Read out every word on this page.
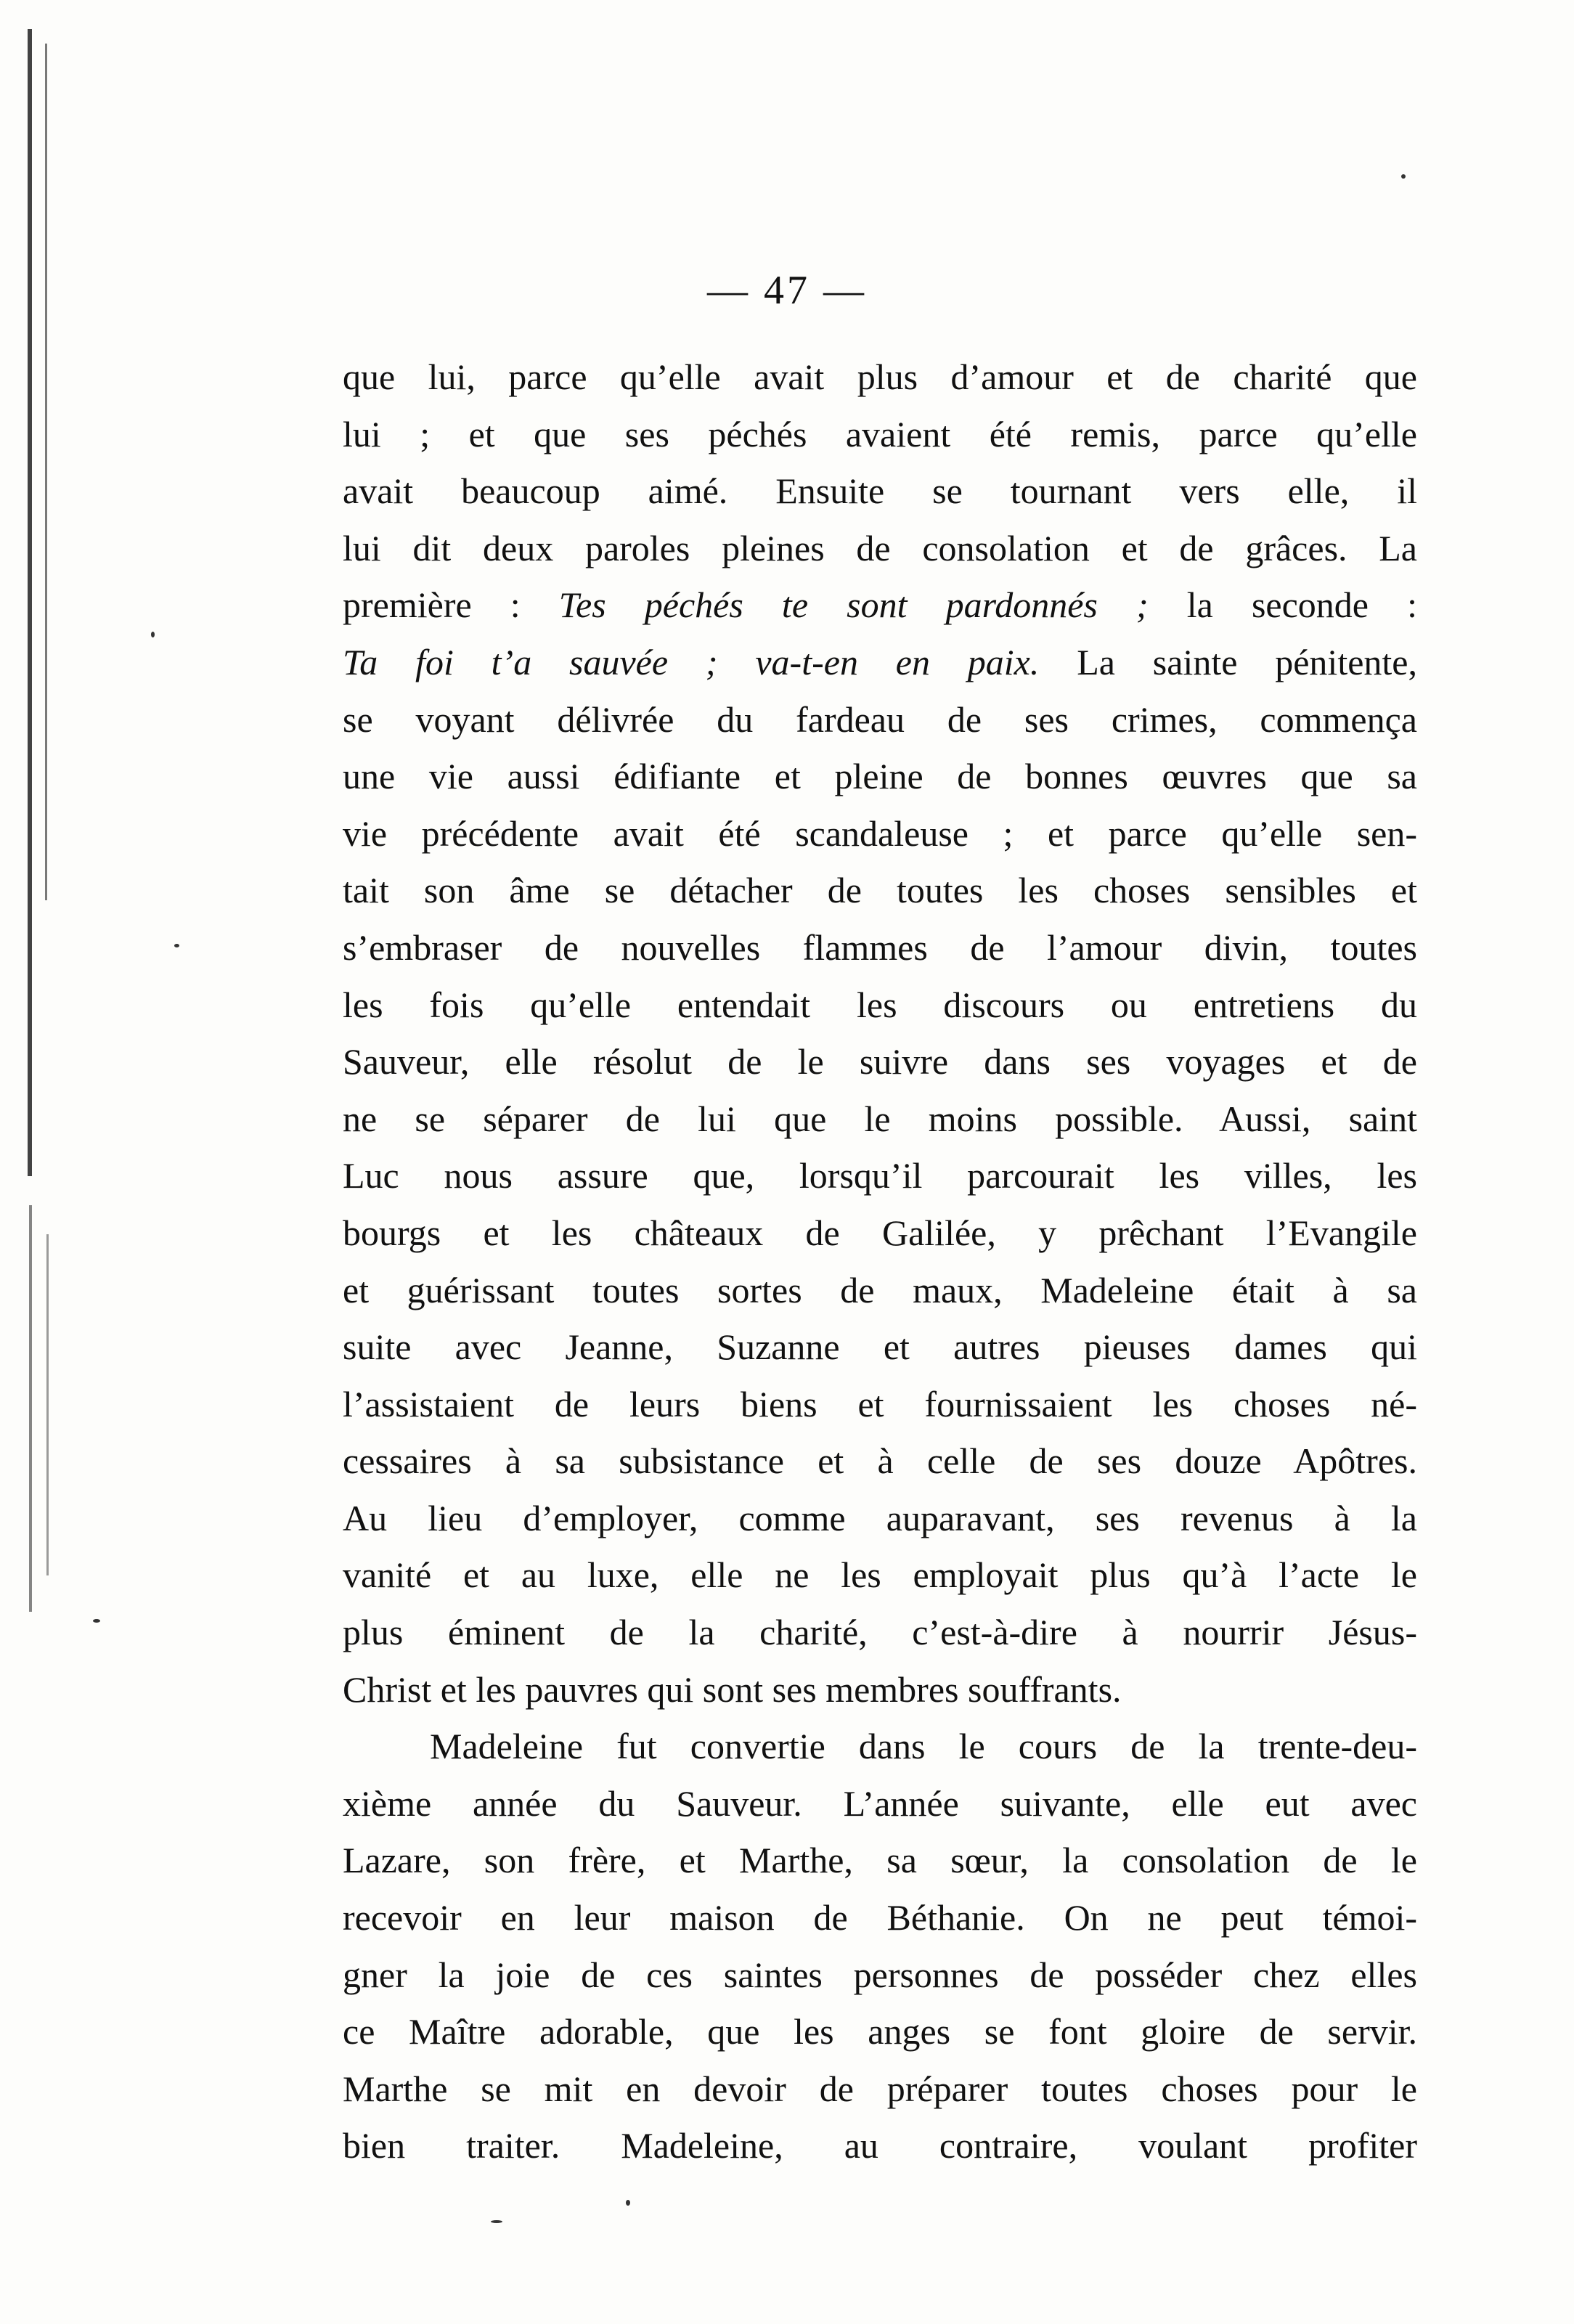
— 47 —
que lui, parce qu’elle avait plus d’amour et de charité que
lui ; et que ses péchés avaient été remis, parce qu’elle
avait beaucoup aimé. Ensuite se tournant vers elle, il
lui dit deux paroles pleines de consolation et de grâces. La
première : Tes péchés te sont pardonnés ; la seconde :
Ta foi t’a sauvée ; va-t-en en paix. La sainte pénitente,
se voyant délivrée du fardeau de ses crimes, commença
une vie aussi édifiante et pleine de bonnes œuvres que sa
vie précédente avait été scandaleuse ; et parce qu’elle sen-
tait son âme se détacher de toutes les choses sensibles et
s’embraser de nouvelles flammes de l’amour divin, toutes
les fois qu’elle entendait les discours ou entretiens du
Sauveur, elle résolut de le suivre dans ses voyages et de
ne se séparer de lui que le moins possible. Aussi, saint
Luc nous assure que, lorsqu’il parcourait les villes, les
bourgs et les châteaux de Galilée, y prêchant l’Evangile
et guérissant toutes sortes de maux, Madeleine était à sa
suite avec Jeanne, Suzanne et autres pieuses dames qui
l’assistaient de leurs biens et fournissaient les choses né-
cessaires à sa subsistance et à celle de ses douze Apôtres.
Au lieu d’employer, comme auparavant, ses revenus à la
vanité et au luxe, elle ne les employait plus qu’à l’acte le
plus éminent de la charité, c’est-à-dire à nourrir Jésus-
Christ et les pauvres qui sont ses membres souffrants.
Madeleine fut convertie dans le cours de la trente-deu-
xième année du Sauveur. L’année suivante, elle eut avec
Lazare, son frère, et Marthe, sa sœur, la consolation de le
recevoir en leur maison de Béthanie. On ne peut témoi-
gner la joie de ces saintes personnes de posséder chez elles
ce Maître adorable, que les anges se font gloire de servir.
Marthe se mit en devoir de préparer toutes choses pour le
bien traiter. Madeleine, au contraire, voulant profiter
